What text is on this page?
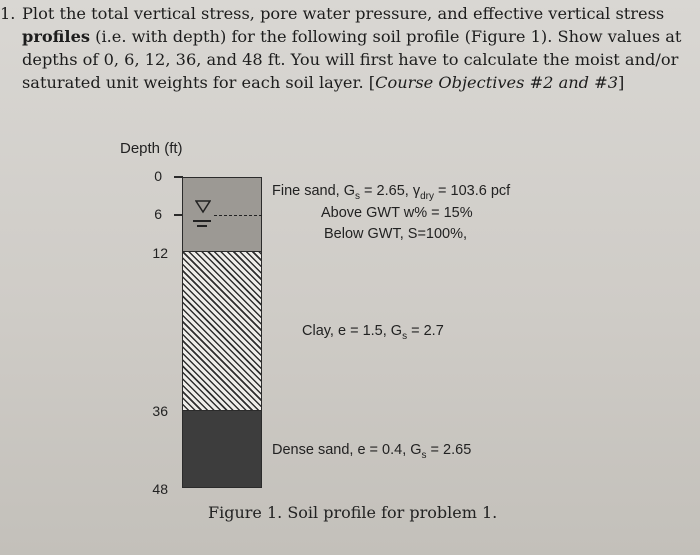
1. Plot the total vertical stress, pore water pressure, and effective vertical stress
profiles (i.e. with depth) for the following soil profile (Figure 1). Show values at
depths of 0, 6, 12, 36, and 48 ft. You will first have to calculate the moist and/or
saturated unit weights for each soil layer. [Course Objectives #2 and #3]
Depth (ft)
0
6
12
36
48
Fine sand, $G_s = 2.65$, $\gamma_{dry} = 103.6$ pcf
Above GWT w% = 15%
Below GWT, S=100%,
Clay, e = 1.5, $G_s = 2.7$
Dense sand, e = 0.4, $G_s = 2.65$
Figure 1. Soil profile for problem 1.
